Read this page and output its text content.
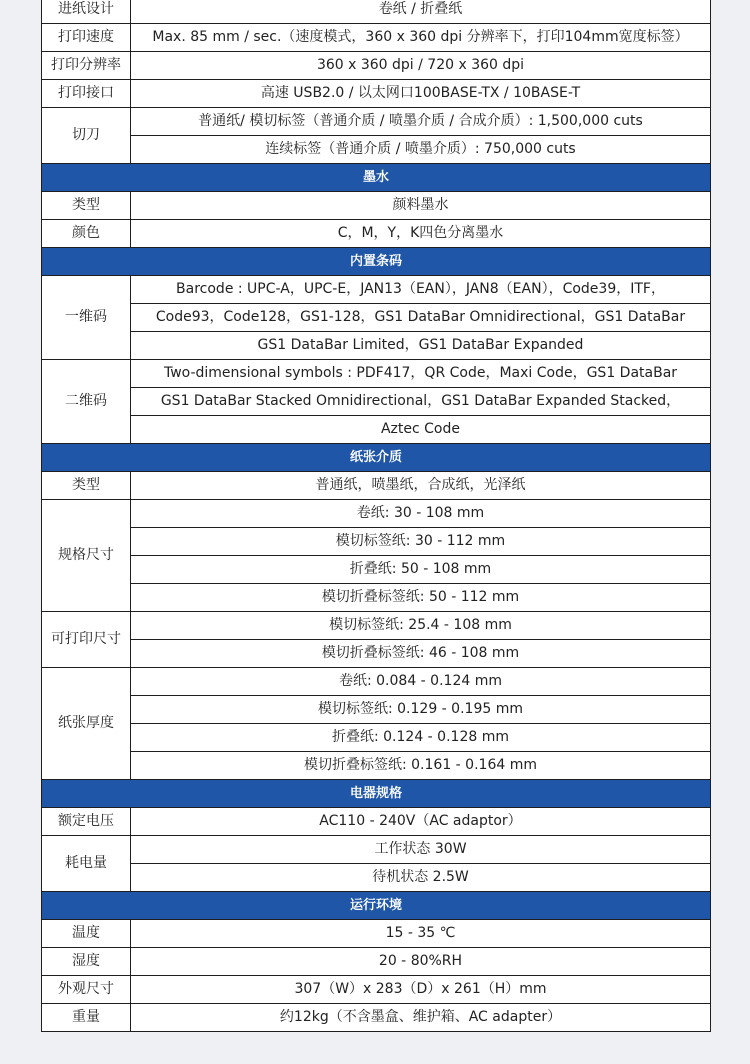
进纸设计	卷纸 / 折叠纸
打印速度	Max. 85 mm / sec.（速度模式，360 x 360 dpi 分辨率下，打印104mm宽度标签）
打印分辨率	360 x 360 dpi / 720 x 360 dpi
打印接口	高速 USB2.0 / 以太网口100BASE-TX / 10BASE-T
切刀	普通纸/ 模切标签（普通介质 / 喷墨介质 / 合成介质）: 1,500,000 cuts
	连续标签（普通介质 / 喷墨介质）: 750,000 cuts
墨水	
类型	颜料墨水
颜色	C，M，Y，K四色分离墨水
内置条码	
一维码	Barcode : UPC-A，UPC-E，JAN13（EAN），JAN8（EAN），Code39，ITF，
	Code93，Code128，GS1-128，GS1 DataBar Omnidirectional，GS1 DataBar
	GS1 DataBar Limited，GS1 DataBar Expanded
二维码	Two-dimensional symbols : PDF417，QR Code，Maxi Code，GS1 DataBar
	GS1 DataBar Stacked Omnidirectional，GS1 DataBar Expanded Stacked，
	Aztec Code
纸张介质	
类型	普通纸，喷墨纸，合成纸，光泽纸
规格尺寸	卷纸: 30 - 108 mm
	模切标签纸: 30 - 112 mm
	折叠纸: 50 - 108 mm
	模切折叠标签纸: 50 - 112 mm
可打印尺寸	模切标签纸: 25.4 - 108 mm
	模切折叠标签纸: 46 - 108 mm
纸张厚度	卷纸: 0.084 - 0.124 mm
	模切标签纸: 0.129 - 0.195 mm
	折叠纸: 0.124 - 0.128 mm
	模切折叠标签纸: 0.161 - 0.164 mm
电器规格	
额定电压	AC110 - 240V（AC adaptor）
耗电量	工作状态 30W
	待机状态 2.5W
运行环境	
温度	15 - 35 ℃
湿度	20 - 80%RH
外观尺寸	307（W）x 283（D）x 261（H）mm
重量	约12kg（不含墨盒、维护箱、AC adapter）
